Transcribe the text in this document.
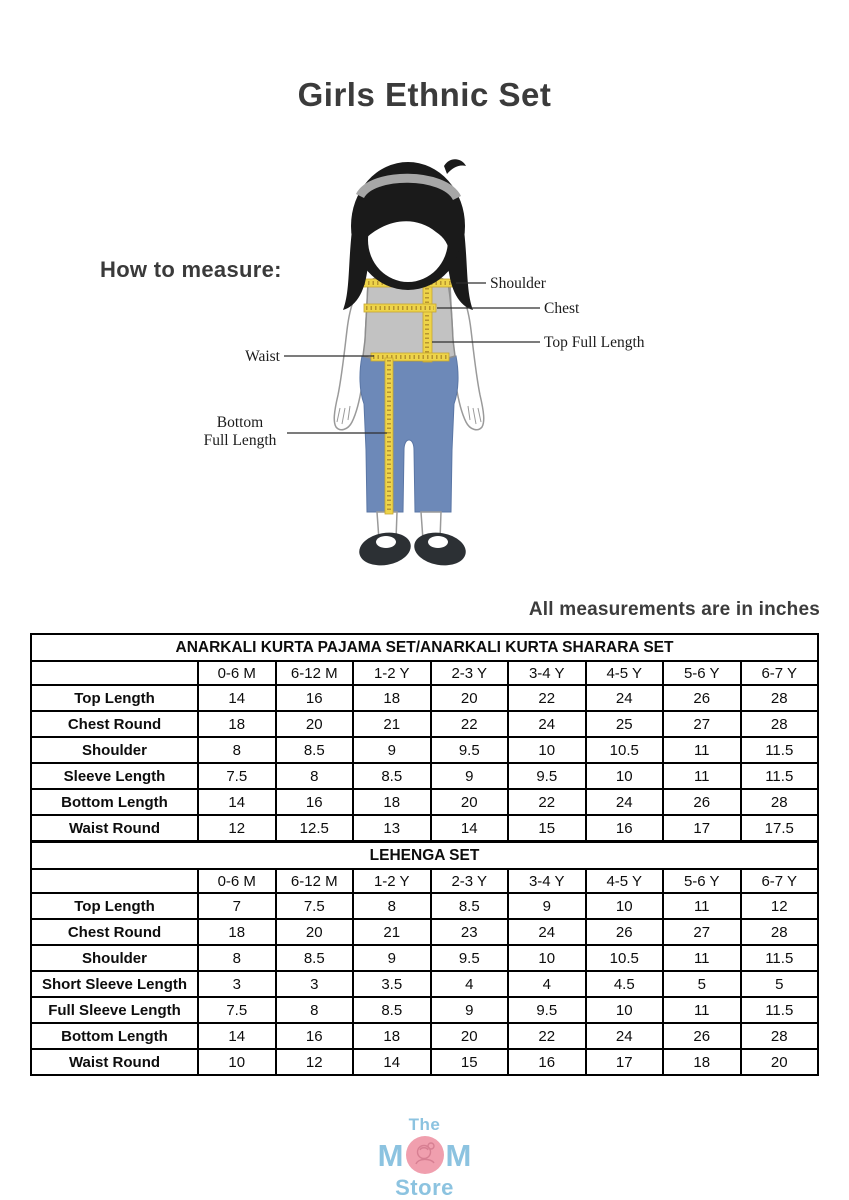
Girls Ethnic Set
How to measure:
Shoulder
Chest
Top Full Length
Waist
Bottom
Full Length
All measurements are in inches
ANARKALI KURTA PAJAMA SET/ANARKALI KURTA SHARARA SET								
	0-6 M	6-12 M	1-2 Y	2-3 Y	3-4 Y	4-5 Y	5-6 Y	6-7 Y
Top Length	14	16	18	20	22	24	26	28
Chest Round	18	20	21	22	24	25	27	28
Shoulder	8	8.5	9	9.5	10	10.5	11	11.5
Sleeve Length	7.5	8	8.5	9	9.5	10	11	11.5
Bottom Length	14	16	18	20	22	24	26	28
Waist Round	12	12.5	13	14	15	16	17	17.5
LEHENGA SET								
	0-6 M	6-12 M	1-2 Y	2-3 Y	3-4 Y	4-5 Y	5-6 Y	6-7 Y
Top Length	7	7.5	8	8.5	9	10	11	12
Chest Round	18	20	21	23	24	26	27	28
Shoulder	8	8.5	9	9.5	10	10.5	11	11.5
Short Sleeve Length	3	3	3.5	4	4	4.5	5	5
Full Sleeve Length	7.5	8	8.5	9	9.5	10	11	11.5
Bottom Length	14	16	18	20	22	24	26	28
Waist Round	10	12	14	15	16	17	18	20
The
M M
Store
